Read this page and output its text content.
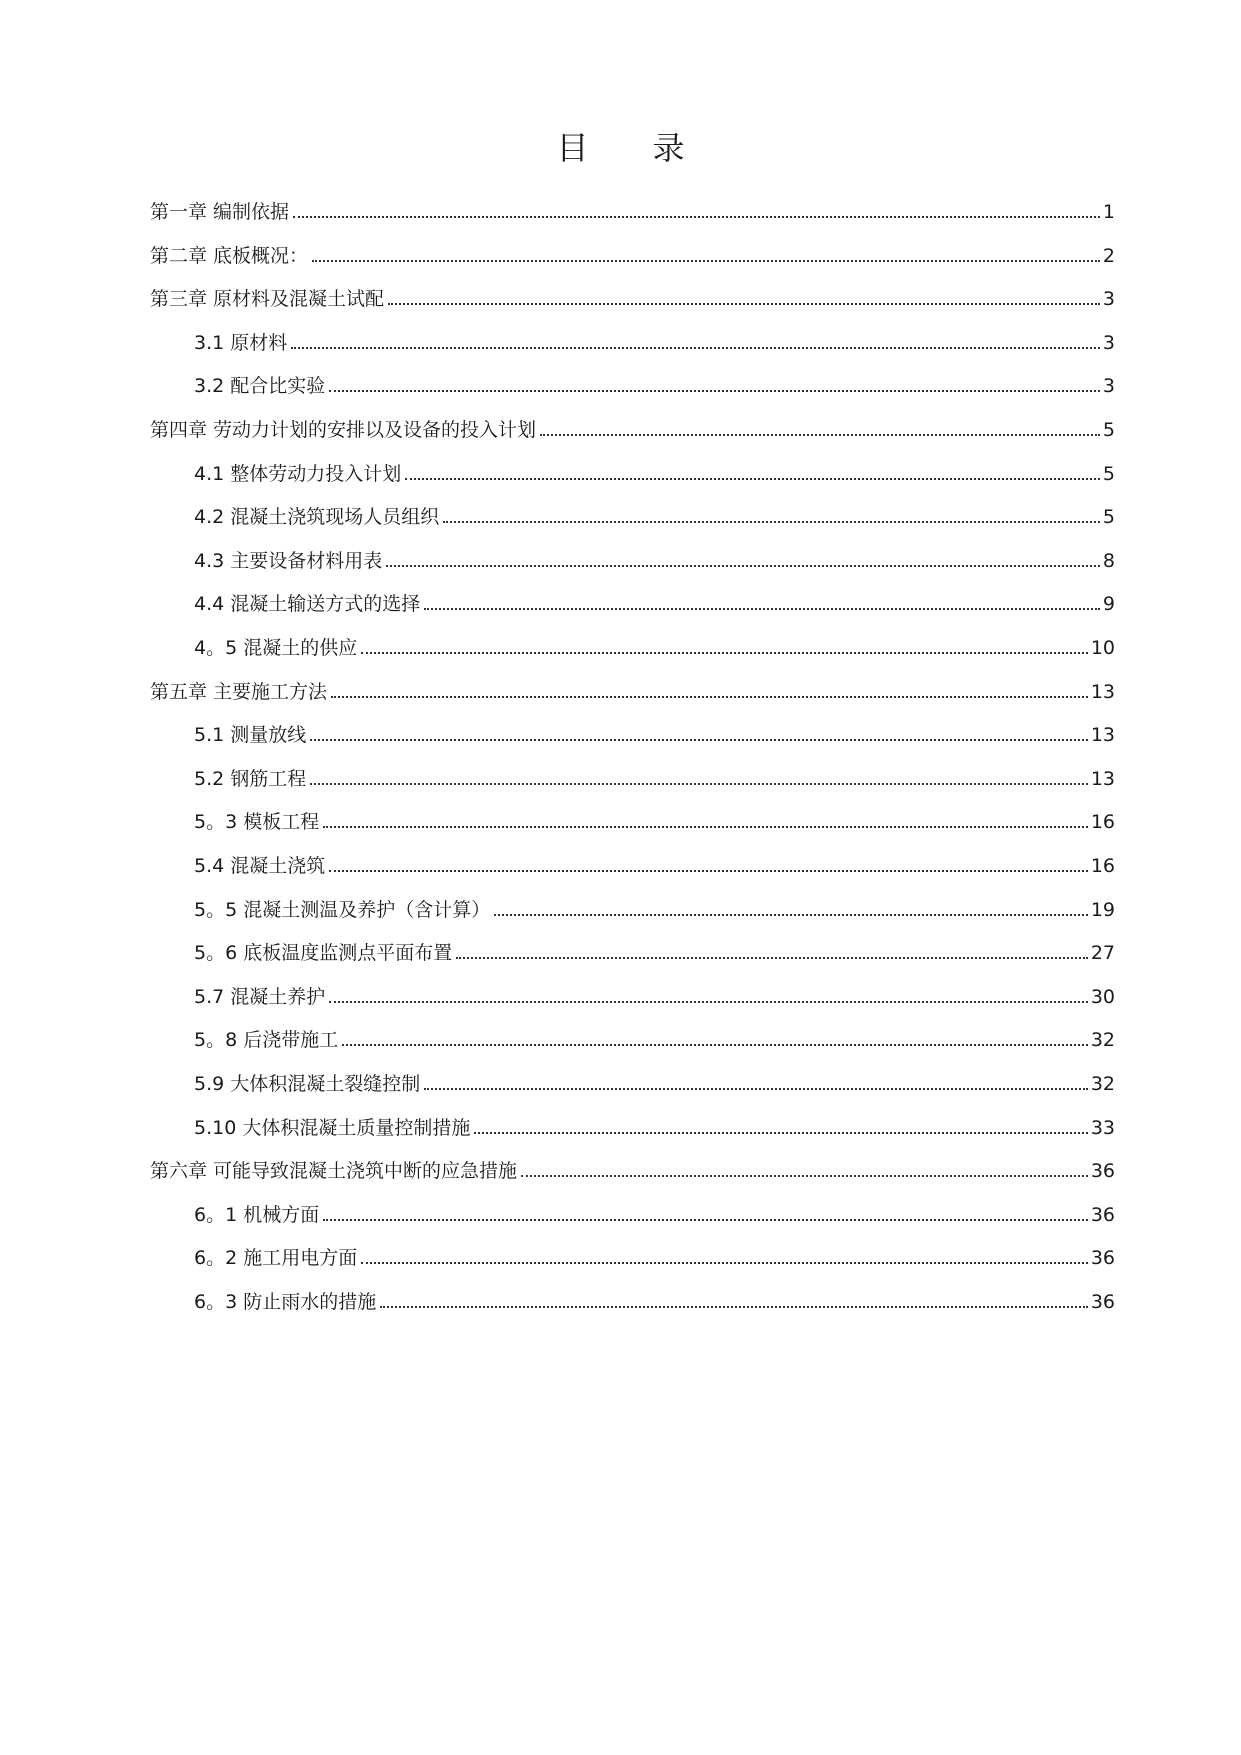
目　　录
第一章 编制依据	1
第二章 底板概况：	2
第三章 原材料及混凝土试配	3
3.1 原材料	3
3.2 配合比实验	3
第四章 劳动力计划的安排以及设备的投入计划	5
4.1 整体劳动力投入计划	5
4.2 混凝土浇筑现场人员组织	5
4.3 主要设备材料用表	8
4.4 混凝土输送方式的选择	9
4。5 混凝土的供应	10
第五章 主要施工方法	13
5.1 测量放线	13
5.2 钢筋工程	13
5。3 模板工程	16
5.4 混凝土浇筑	16
5。5 混凝土测温及养护（含计算）	19
5。6 底板温度监测点平面布置	27
5.7 混凝土养护	30
5。8 后浇带施工	32
5.9 大体积混凝土裂缝控制	32
5.10 大体积混凝土质量控制措施	33
第六章 可能导致混凝土浇筑中断的应急措施	36
6。1 机械方面	36
6。2 施工用电方面	36
6。3 防止雨水的措施	36
